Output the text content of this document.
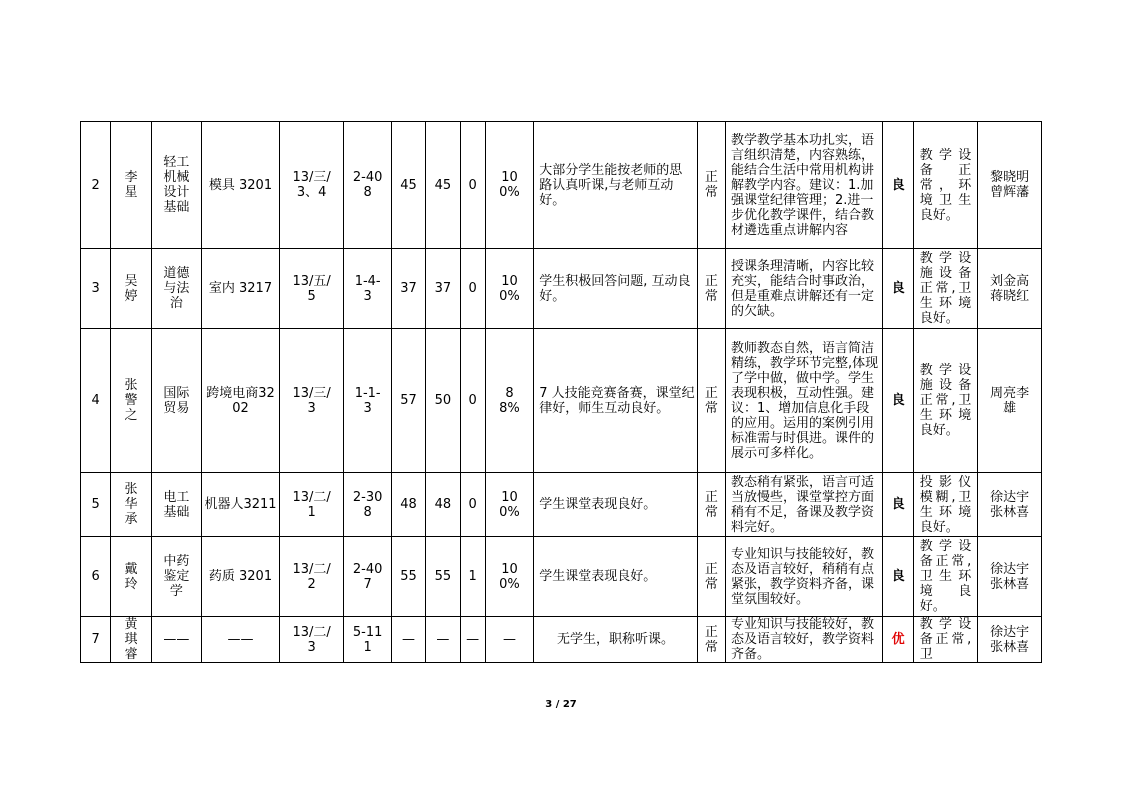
2	李星	轻工机械设计基础	模具 3201	13/三/3、4	2-408	45	45	0	100%	大部分学生能按老师的思路认真听课,与老师互动好。	正常	教学教学基本功扎实，语言组织清楚，内容熟练，能结合生活中常用机构讲解教学内容。建议：1.加强课堂纪律管理；2.进一步优化教学课件，结合教材遴选重点讲解内容	良	教学设备正常，环境卫生良好。	黎晓明曾辉藩
3	吴婷	道德与法治	室内 3217	13/五/5	1-4-3	37	37	0	100%	学生积极回答问题, 互动良好。	正常	授课条理清晰，内容比较充实，能结合时事政治，但是重难点讲解还有一定的欠缺。	良	教学设施设备正常,卫生环境良好。	刘金高蒋晓红
4	张警之	国际贸易	跨境电商3202	13/三/3	1-1-3	57	50	0	88%	7 人技能竞赛备赛，课堂纪律好，师生互动良好。	正常	教师教态自然，语言简洁精练，教学环节完整,体现了学中做，做中学。学生表现积极，互动性强。建议：1、增加信息化手段的应用。运用的案例引用标准需与时俱进。课件的展示可多样化。	良	教学设施设备正常,卫生环境良好。	周亮李雄
5	张华承	电工基础	机器人3211	13/二/1	2-308	48	48	0	100%	学生课堂表现良好。	正常	教态稍有紧张，语言可适当放慢些，课堂掌控方面稍有不足，备课及教学资料完好。	良	投影仪模糊,卫生环境良好。	徐达宇张林喜
6	戴玲	中药鉴定学	药质 3201	13/二/2	2-407	55	55	1	100%	学生课堂表现良好。	正常	专业知识与技能较好，教态及语言较好，稍稍有点紧张，教学资料齐备，课堂氛围较好。	良	教学设备正常,卫生环境良好。	徐达宇张林喜
7	黄琪睿	——	——	13/二/3	5-111	—	—	—	—	无学生，职称听课。	正常	专业知识与技能较好，教态及语言较好，教学资料齐备。	优	教学设备正常,卫	徐达宇张林喜
3 / 27
